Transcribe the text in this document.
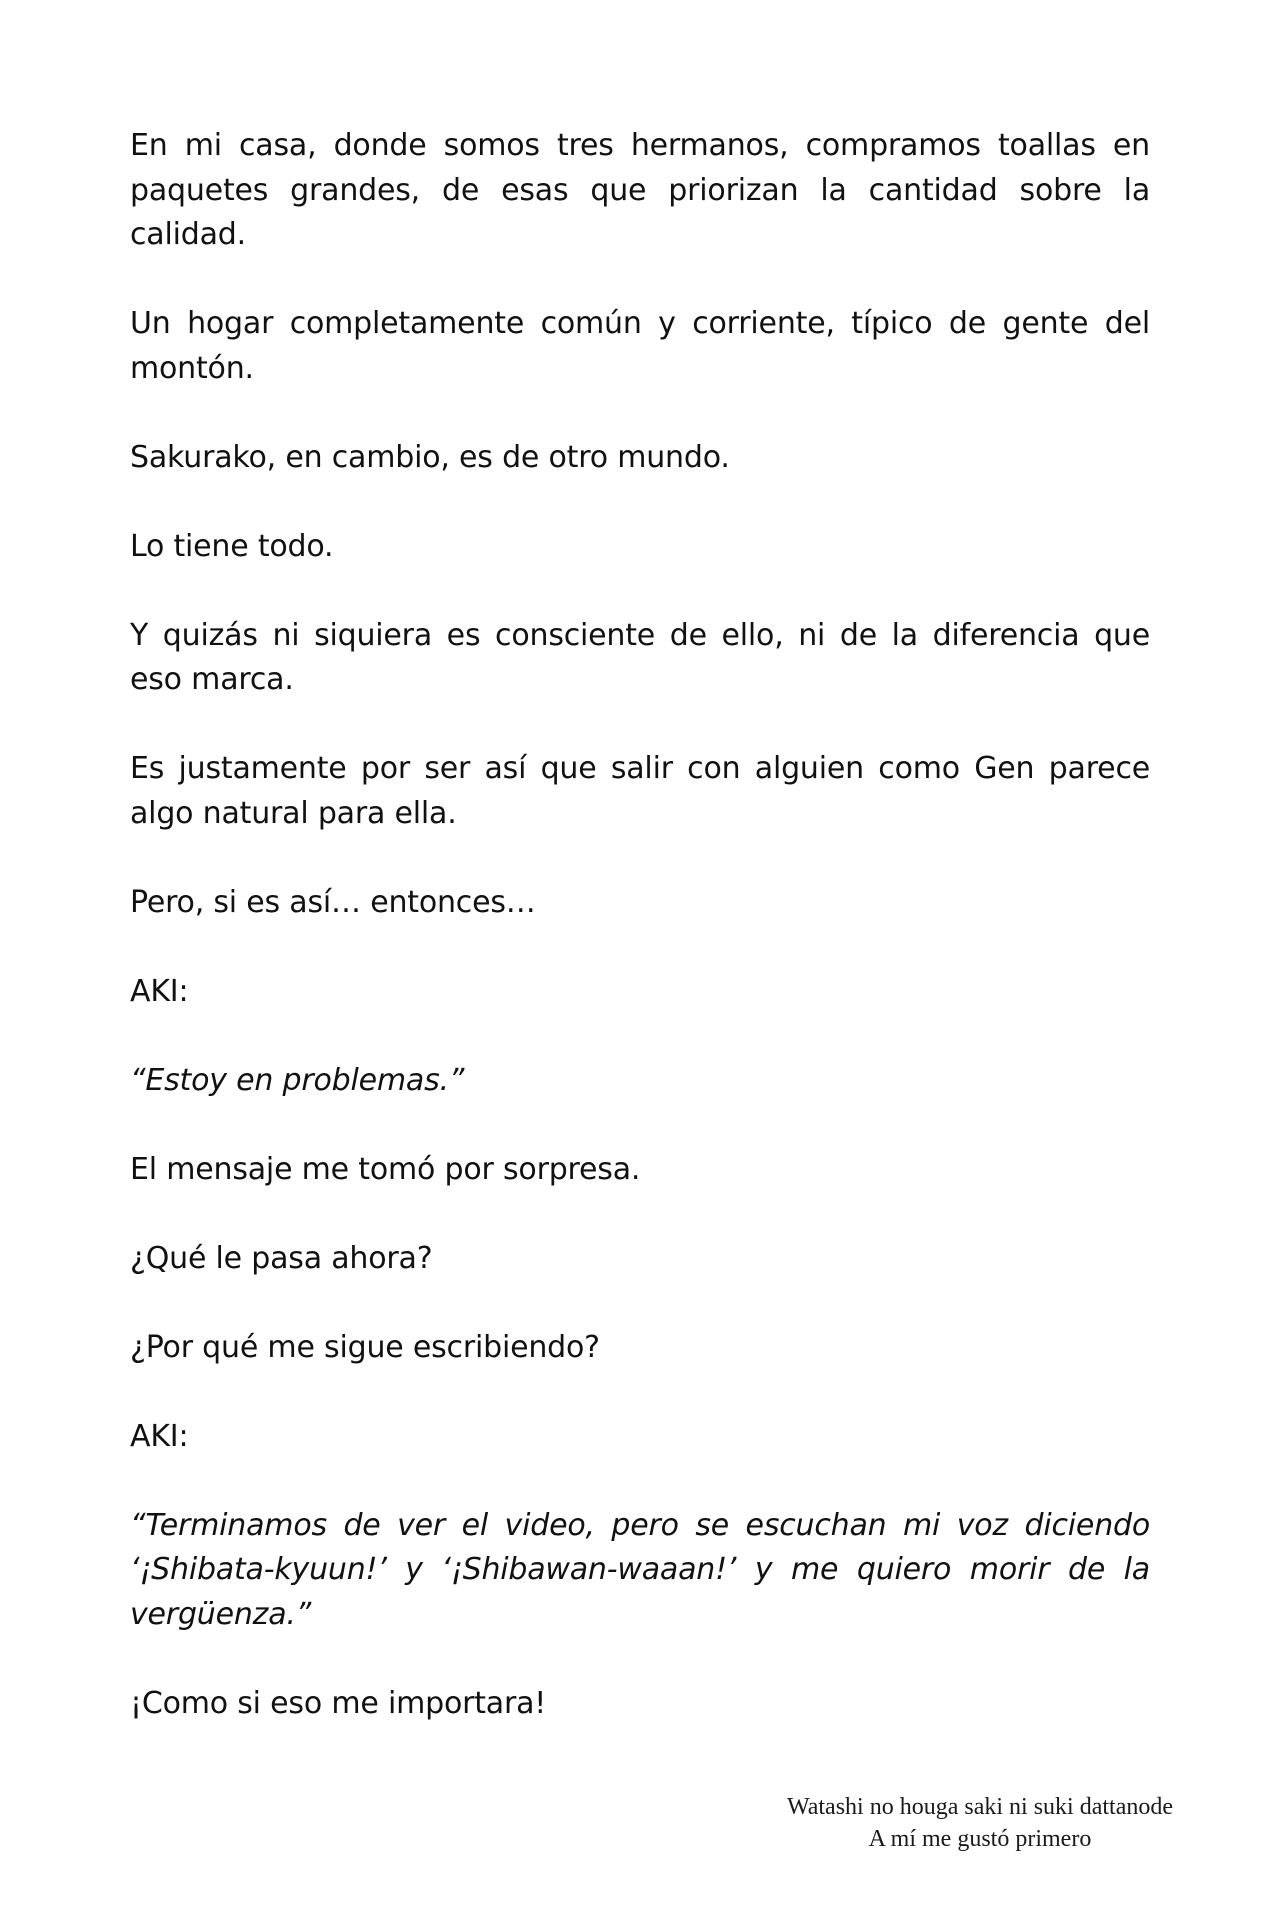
En mi casa, donde somos tres hermanos, compramos toallas en
paquetes grandes, de esas que priorizan la cantidad sobre la
calidad.

Un hogar completamente común y corriente, típico de gente del
montón.

Sakurako, en cambio, es de otro mundo.

Lo tiene todo.

Y quizás ni siquiera es consciente de ello, ni de la diferencia que
eso marca.

Es justamente por ser así que salir con alguien como Gen parece
algo natural para ella.

Pero, si es así… entonces…

AKI:

“Estoy en problemas.”

El mensaje me tomó por sorpresa.

¿Qué le pasa ahora?

¿Por qué me sigue escribiendo?

AKI:

“Terminamos de ver el video, pero se escuchan mi voz diciendo
‘¡Shibata-kyuun!’ y ‘¡Shibawan-waaan!’ y me quiero morir de la
vergüenza.”

¡Como si eso me importara!

Watashi no houga saki ni suki dattanode
A mí me gustó primero
